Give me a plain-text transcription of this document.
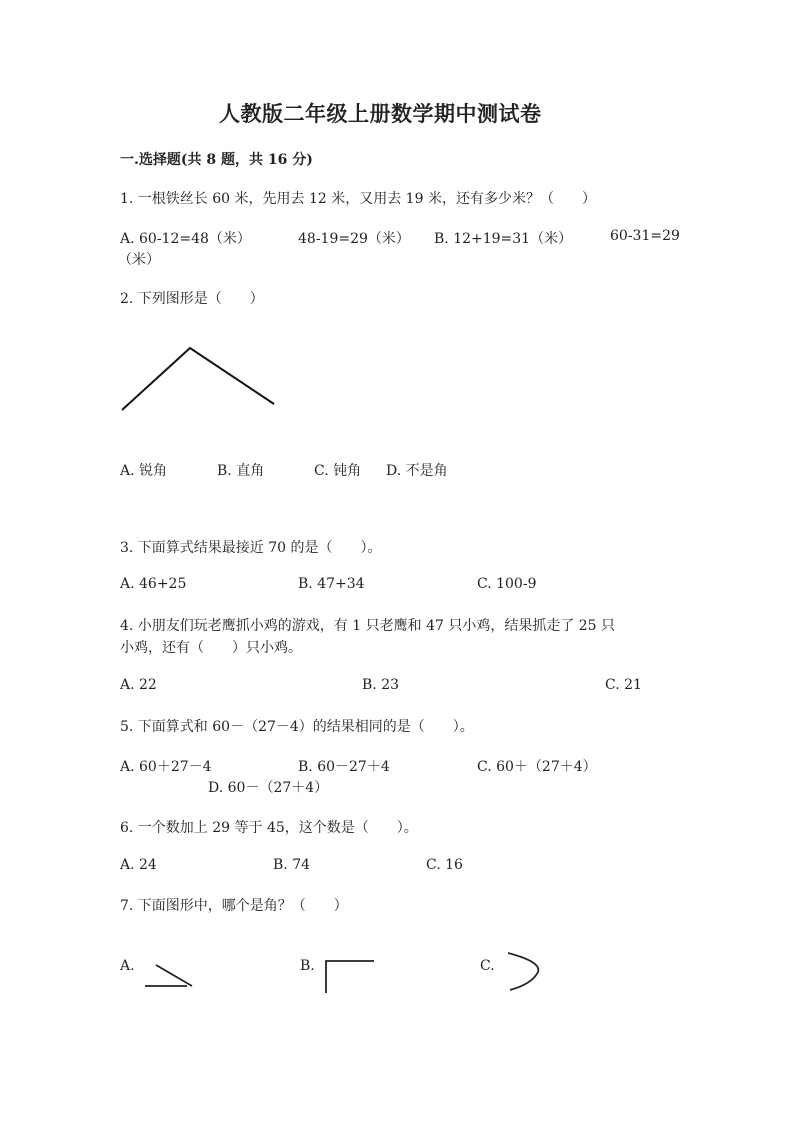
人教版二年级上册数学期中测试卷
一.选择题(共 8 题，共 16 分)
1. 一根铁丝长 60 米，先用去 12 米，又用去 19 米，还有多少米？（　　）
A. 60-12=48（米）	48-19=29（米） B. 12+19=31（米）	60-31=29
（米）
2. 下列图形是（　　）
A. 锐角	B. 直角	C. 钝角 D. 不是角
3. 下面算式结果最接近 70 的是（　　）。
A. 46+25	B. 47+34	C. 100-9
4. 小朋友们玩老鹰抓小鸡的游戏，有 1 只老鹰和 47 只小鸡，结果抓走了 25 只
小鸡，还有（　　）只小鸡。
A. 22	B. 23	C. 21
5. 下面算式和 60－（27－4）的结果相同的是（　　）。
A. 60＋27－4	B. 60－27＋4	C. 60＋（27＋4）
D. 60－（27＋4）
6. 一个数加上 29 等于 45，这个数是（　　）。
A. 24	B. 74	C. 16
7. 下面图形中，哪个是角？（　　）
A.	B.	C.
